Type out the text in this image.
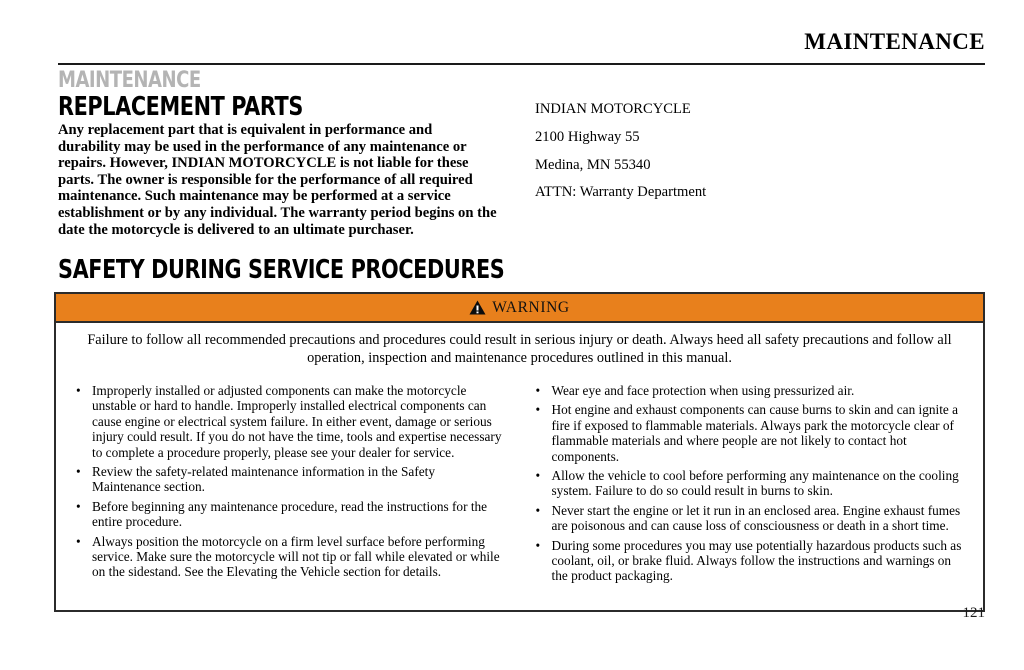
MAINTENANCE
MAINTENANCE
REPLACEMENT PARTS
Any replacement part that is equivalent in performance and durability may be used in the performance of any maintenance or repairs. However, INDIAN MOTORCYCLE is not liable for these parts. The owner is responsible for the performance of all required maintenance. Such maintenance may be performed at a service establishment or by any individual. The warranty period begins on the date the motorcycle is delivered to an ultimate purchaser.
INDIAN MOTORCYCLE
2100 Highway 55
Medina, MN 55340
ATTN: Warranty Department
SAFETY DURING SERVICE PROCEDURES
WARNING
Failure to follow all recommended precautions and procedures could result in serious injury or death. Always heed all safety precautions and follow all operation, inspection and maintenance procedures outlined in this manual.
• Improperly installed or adjusted components can make the motorcycle unstable or hard to handle. Improperly installed electrical components can cause engine or electrical system failure. In either event, damage or serious injury could result. If you do not have the time, tools and expertise necessary to complete a procedure properly, please see your dealer for service.
• Review the safety-related maintenance information in the Safety Maintenance section.
• Before beginning any maintenance procedure, read the instructions for the entire procedure.
• Always position the motorcycle on a firm level surface before performing service. Make sure the motorcycle will not tip or fall while elevated or while on the sidestand. See the Elevating the Vehicle section for details.
• Wear eye and face protection when using pressurized air.
• Hot engine and exhaust components can cause burns to skin and can ignite a fire if exposed to flammable materials. Always park the motorcycle clear of flammable materials and where people are not likely to contact hot components.
• Allow the vehicle to cool before performing any maintenance on the cooling system. Failure to do so could result in burns to skin.
• Never start the engine or let it run in an enclosed area. Engine exhaust fumes are poisonous and can cause loss of consciousness or death in a short time.
• During some procedures you may use potentially hazardous products such as coolant, oil, or brake fluid. Always follow the instructions and warnings on the product packaging.
121
